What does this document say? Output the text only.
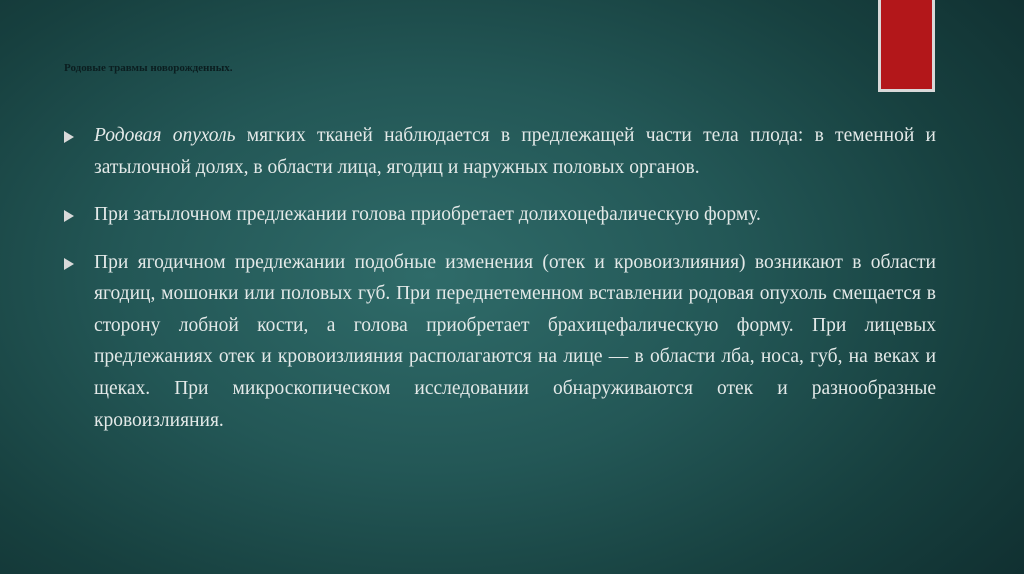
Родовые травмы новорожденных.
Родовая опухоль мягких тканей наблюдается в предлежащей части тела плода: в теменной и затылочной долях, в области лица, ягодиц и наружных половых органов.
При затылочном предлежании голова приобретает долихоцефалическую форму.
При ягодичном предлежании подобные изменения (отек и кровоизлияния) возникают в области ягодиц, мошонки или половых губ. При переднетеменном вставлении родовая опухоль смещается в сторону лобной кости, а голова приобретает брахицефалическую форму. При лицевых предлежаниях отек и кровоизлияния располагаются на лице — в области лба, носа, губ, на веках и щеках. При микроскопическом исследовании обнаруживаются отек и разнообразные кровоизлияния.
